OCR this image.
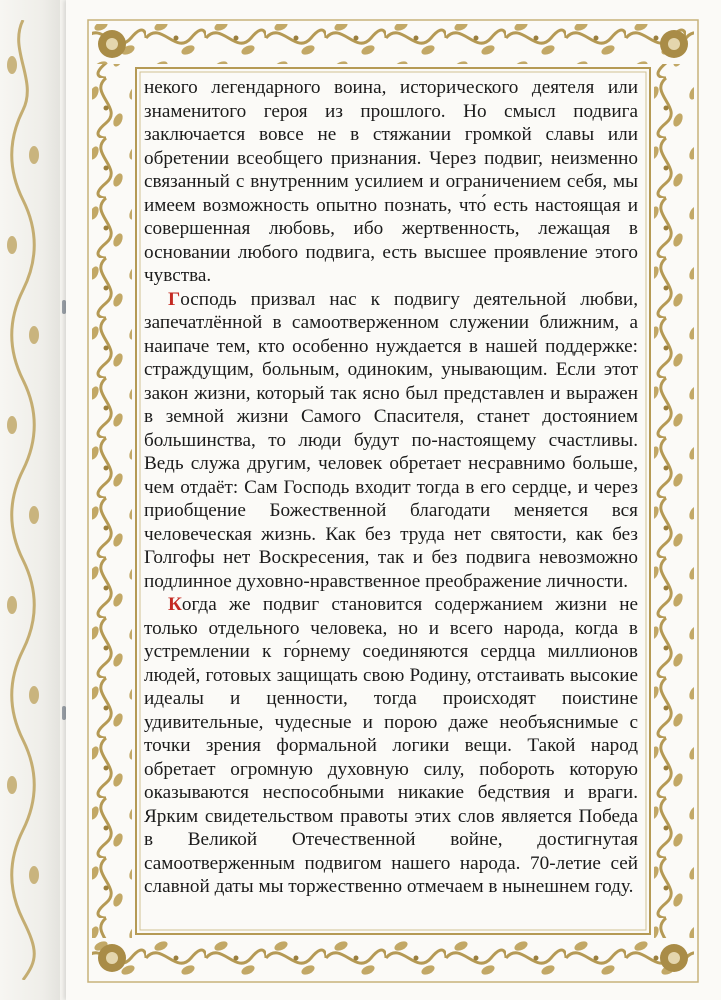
некого легендарного воина, исторического деятеля или знаменитого героя из прошлого. Но смысл подвига заключается вовсе не в стяжании громкой славы или обретении всеобщего признания. Через подвиг, неизменно связанный с внутренним усилием и ограничением себя, мы имеем возможность опытно познать, что́ есть настоящая и совершенная любовь, ибо жертвенность, лежащая в основании любого подвига, есть высшее проявление этого чувства.

Господь призвал нас к подвигу деятельной любви, запечатлённой в самоотверженном служении ближним, а наипаче тем, кто особенно нуждается в нашей поддержке: страждущим, больным, одиноким, унывающим. Если этот закон жизни, который так ясно был представлен и выражен в земной жизни Самого Спасителя, станет достоянием большинства, то люди будут по-настоящему счастливы. Ведь служа другим, человек обретает несравнимо больше, чем отдаёт: Сам Господь входит тогда в его сердце, и через приобщение Божественной благодати меняется вся человеческая жизнь. Как без труда нет святости, как без Голгофы нет Воскресения, так и без подвига невозможно подлинное духовно-нравственное преображение личности.

Когда же подвиг становится содержанием жизни не только отдельного человека, но и всего народа, когда в устремлении к го́рнему соединяются сердца миллионов людей, готовых защищать свою Родину, отстаивать высокие идеалы и ценности, тогда происходят поистине удивительные, чудесные и порою даже необъяснимые с точки зрения формальной логики вещи. Такой народ обретает огромную духовную силу, побороть которую оказываются неспособными никакие бедствия и враги. Ярким свидетельством правоты этих слов является Победа в Великой Отечественной войне, достигнутая самоотверженным подвигом нашего народа. 70-летие сей славной даты мы торжественно отмечаем в нынешнем году.
